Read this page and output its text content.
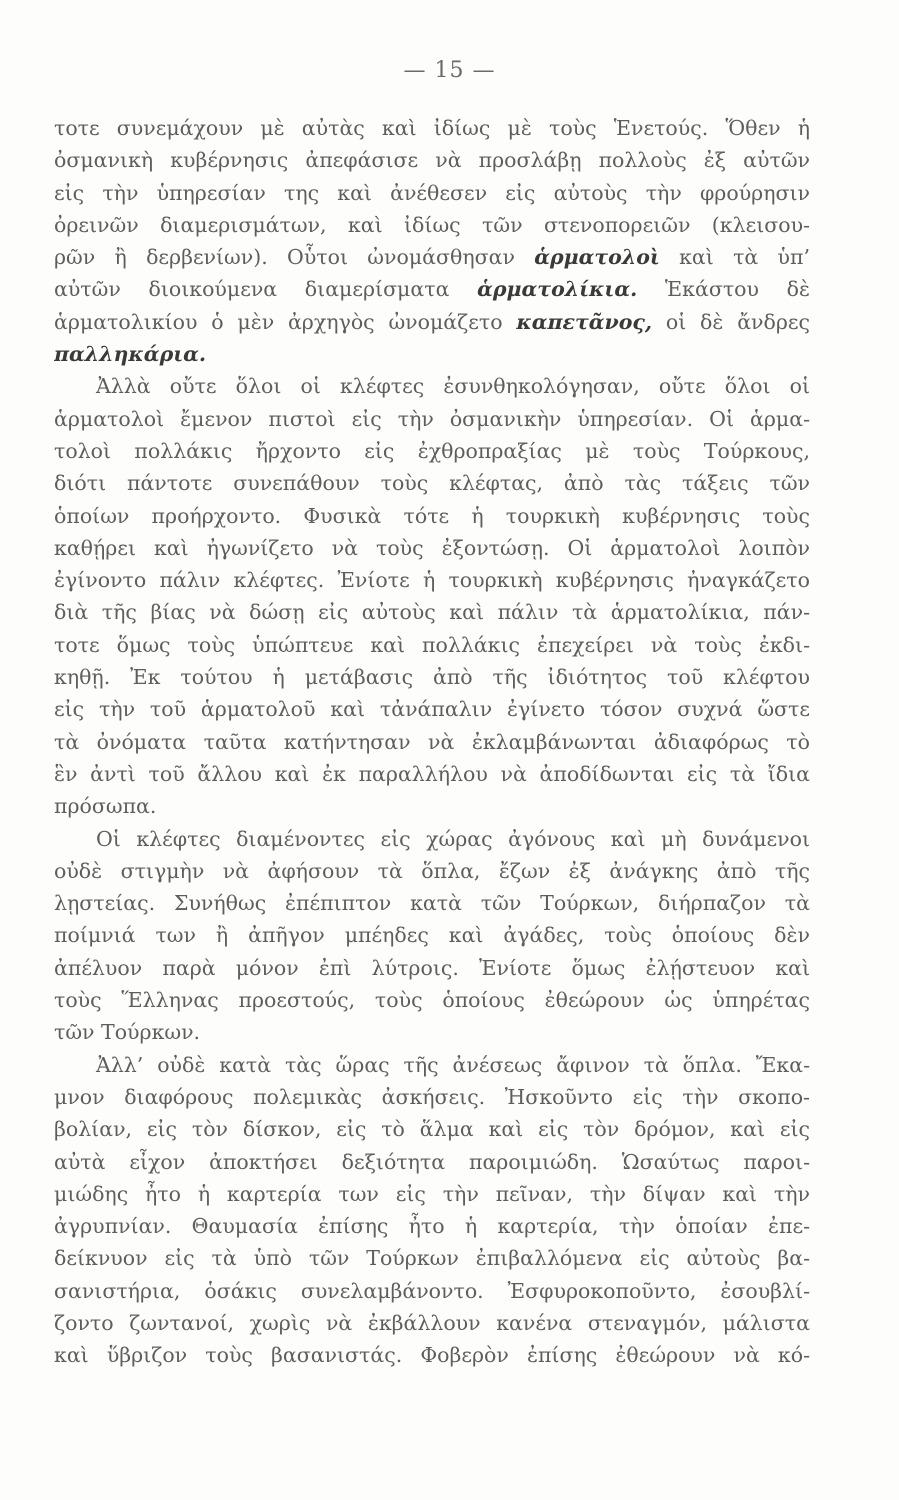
— 15 —
τοτε συνεμάχουν μὲ αὐτὰς καὶ ἰδίως μὲ τοὺς Ἑνετούς. Ὅθεν ἡ
ὀσμανικὴ κυβέρνησις ἀπεφάσισε νὰ προσλάβῃ πολλοὺς ἐξ αὐτῶν
εἰς τὴν ὑπηρεσίαν της καὶ ἀνέθεσεν εἰς αὐτοὺς τὴν φρούρησιν
ὀρεινῶν διαμερισμάτων, καὶ ἰδίως τῶν στενοπορειῶν (κλεισου-
ρῶν ἢ δερβενίων). Οὗτοι ὠνομάσθησαν ἁρματολοὶ καὶ τὰ ὑπ’
αὐτῶν διοικούμενα διαμερίσματα ἁρματολίκια. Ἑκάστου δὲ
ἁρματολικίου ὁ μὲν ἀρχηγὸς ὠνομάζετο καπετᾶνος, οἱ δὲ ἄνδρες
παλληκάρια.
Ἀλλὰ οὔτε ὅλοι οἱ κλέφτες ἐσυνθηκολόγησαν, οὔτε ὅλοι οἱ
ἁρματολοὶ ἔμενον πιστοὶ εἰς τὴν ὀσμανικὴν ὑπηρεσίαν. Οἱ ἁρμα-
τολοὶ πολλάκις ἤρχοντο εἰς ἐχθροπραξίας μὲ τοὺς Τούρκους,
διότι πάντοτε συνεπάθουν τοὺς κλέφτας, ἀπὸ τὰς τάξεις τῶν
ὁποίων προήρχοντο. Φυσικὰ τότε ἡ τουρκικὴ κυβέρνησις τοὺς
καθῄρει καὶ ἠγωνίζετο νὰ τοὺς ἐξοντώσῃ. Οἱ ἁρματολοὶ λοιπὸν
ἐγίνοντο πάλιν κλέφτες. Ἐνίοτε ἡ τουρκικὴ κυβέρνησις ἠναγκάζετο
διὰ τῆς βίας νὰ δώσῃ εἰς αὐτοὺς καὶ πάλιν τὰ ἁρματολίκια, πάν-
τοτε ὅμως τοὺς ὑπώπτευε καὶ πολλάκις ἐπεχείρει νὰ τοὺς ἐκδι-
κηθῇ. Ἐκ τούτου ἡ μετάβασις ἀπὸ τῆς ἰδιότητος τοῦ κλέφτου
εἰς τὴν τοῦ ἁρματολοῦ καὶ τἀνάπαλιν ἐγίνετο τόσον συχνά ὥστε
τὰ ὀνόματα ταῦτα κατήντησαν νὰ ἐκλαμβάνωνται ἀδιαφόρως τὸ
ἓν ἀντὶ τοῦ ἄλλου καὶ ἐκ παραλλήλου νὰ ἀποδίδωνται εἰς τὰ ἴδια
πρόσωπα.
Οἱ κλέφτες διαμένοντες εἰς χώρας ἀγόνους καὶ μὴ δυνάμενοι
οὐδὲ στιγμὴν νὰ ἀφήσουν τὰ ὅπλα, ἔζων ἐξ ἀνάγκης ἀπὸ τῆς
λῃστείας. Συνήθως ἐπέπιπτον κατὰ τῶν Τούρκων, διήρπαζον τὰ
ποίμνιά των ἢ ἀπῆγον μπέηδες καὶ ἀγάδες, τοὺς ὁποίους δὲν
ἀπέλυον παρὰ μόνον ἐπὶ λύτροις. Ἐνίοτε ὅμως ἐλῄστευον καὶ
τοὺς Ἕλληνας προεστούς, τοὺς ὁποίους ἐθεώρουν ὡς ὑπηρέτας
τῶν Τούρκων.
Ἀλλ’ οὐδὲ κατὰ τὰς ὥρας τῆς ἀνέσεως ἄφινον τὰ ὅπλα. Ἔκα-
μνον διαφόρους πολεμικὰς ἀσκήσεις. Ἠσκοῦντο εἰς τὴν σκοπο-
βολίαν, εἰς τὸν δίσκον, εἰς τὸ ἅλμα καὶ εἰς τὸν δρόμον, καὶ εἰς
αὐτὰ εἶχον ἀποκτήσει δεξιότητα παροιμιώδη. Ὡσαύτως παροι-
μιώδης ἦτο ἡ καρτερία των εἰς τὴν πεῖναν, τὴν δίψαν καὶ τὴν
ἀγρυπνίαν. Θαυμασία ἐπίσης ἦτο ἡ καρτερία, τὴν ὁποίαν ἐπε-
δείκνυον εἰς τὰ ὑπὸ τῶν Τούρκων ἐπιβαλλόμενα εἰς αὐτοὺς βα-
σανιστήρια, ὁσάκις συνελαμβάνοντο. Ἐσφυροκοποῦντο, ἐσουβλί-
ζοντο ζωντανοί, χωρὶς νὰ ἐκβάλλουν κανένα στεναγμόν, μάλιστα
καὶ ὕβριζον τοὺς βασανιστάς. Φοβερὸν ἐπίσης ἐθεώρουν νὰ κό-
